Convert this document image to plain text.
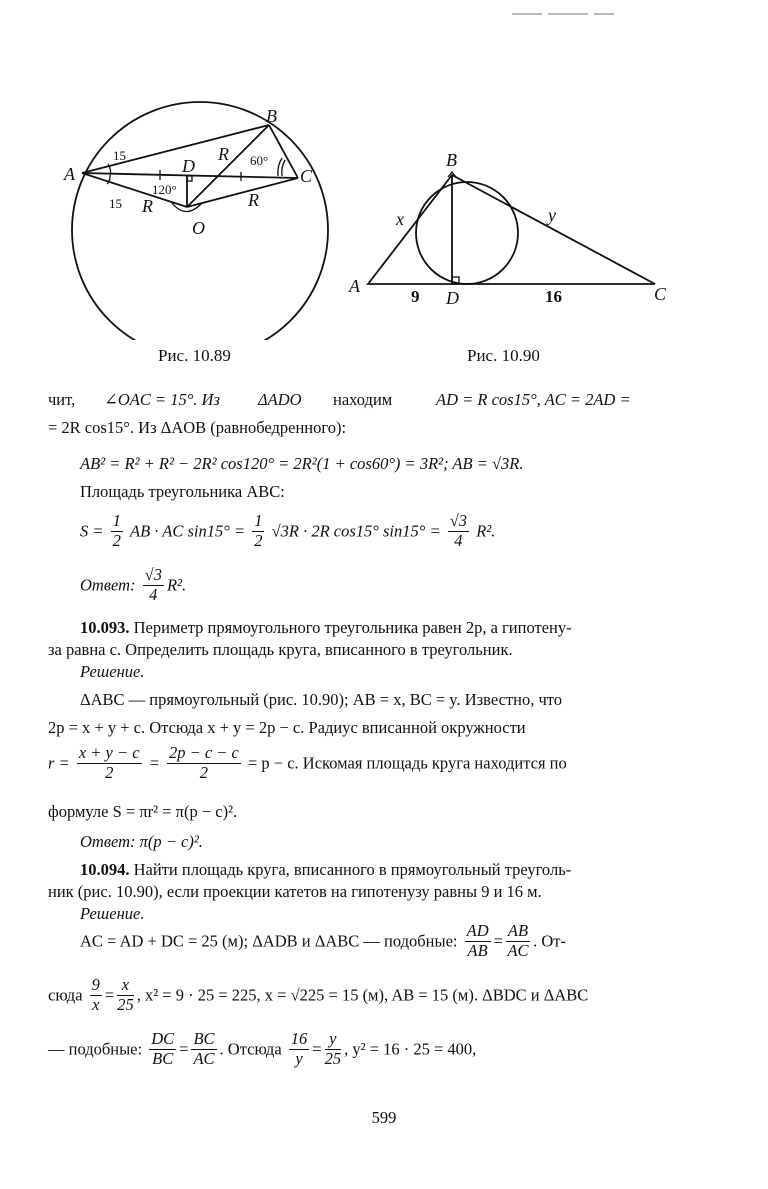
A
B
C
D
O
R
R
R
15
15
60°
120°
Рис. 10.89
A
B
C
D
x	y
9	16
Рис. 10.90
чит, ∠OAC = 15°. Из ΔADO находим	AD = R cos15°, AC = 2AD =
= 2R cos15°. Из ΔAOB (равнобедренного):
AB² = R² + R² − 2R² cos120° = 2R²(1 + cos60°) = 3R²; AB = √3R.
Площадь треугольника ABC:
$S = \frac{1}{2}$ AB · AC $\sin 15^\circ = \frac{1}{2} √3R \cdot 2R$ cos15° $\sin 15^\circ = \frac{√3}{4} R^2$.
Ответ: $\frac{√3}{4} R^2$.
10.093. Периметр прямоугольного треугольника равен 2p, а гипотену-
за равна c. Определить площадь круга, вписанного в треугольник.
Решение.
ΔABC — прямоугольный (рис. 10.90); AB = x, BC = y. Известно, что
2p = x + y + c. Отсюда x + y = 2p − c. Радиус вписанной окружности
$r = \frac{x + y - c}{2} = \frac{2p - c - c}{2} = p - c$. Искомая площадь круга находится по
формуле S = πr² = π(p − c)².
Ответ: π(p − c)².
10.094. Найти площадь круга, вписанного в прямоугольный треуголь-
ник (рис. 10.90), если проекции катетов на гипотенузу равны 9 и 16 м.
Решение.
AC = AD + DC = 25 (м); ΔADB и ΔABC — подобные: $\frac{AD}{AB} = \frac{AB}{AC}$ . От-
сюда $\frac{9}{x} = \frac{x}{25}$ , x² = 9 · 25 = 225, x = √225 = 15 (м), AB = 15 (м). ΔBDC и ΔABC
— подобные: $\frac{DC}{BC} = \frac{BC}{AC}$ . Отсюда $\frac{16}{y} = \frac{y}{25}$ , y² = 16 · 25 = 400,
599
